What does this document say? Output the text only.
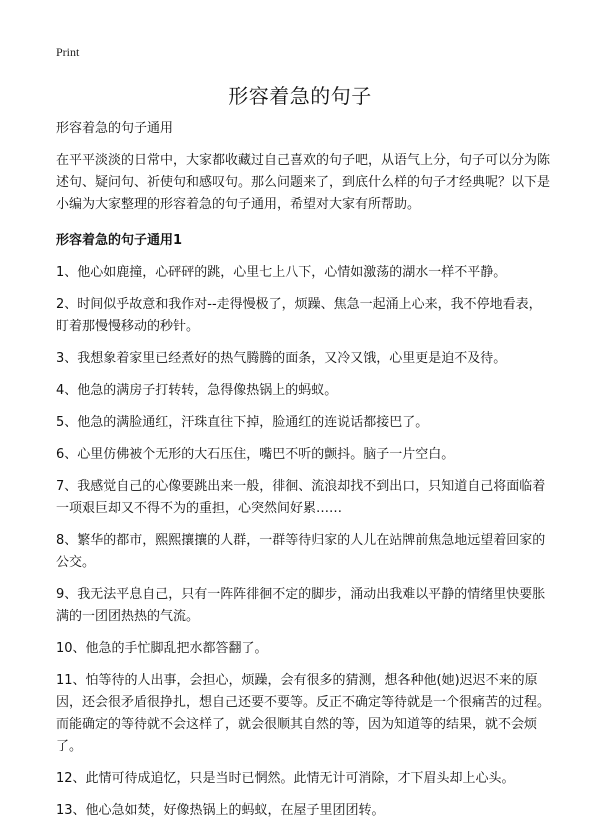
Print
形容着急的句子

形容着急的句子通用

在平平淡淡的日常中，大家都收藏过自己喜欢的句子吧，从语气上分，句子可以分为陈述句、疑问句、祈使句和感叹句。那么问题来了，到底什么样的句子才经典呢？以下是小编为大家整理的形容着急的句子通用，希望对大家有所帮助。

形容着急的句子通用1

1、他心如鹿撞，心砰砰的跳，心里七上八下，心情如激荡的湖水一样不平静。

2、时间似乎故意和我作对--走得慢极了，烦躁、焦急一起涌上心来，我不停地看表，盯着那慢慢移动的秒针。

3、我想象着家里已经煮好的热气腾腾的面条，又冷又饿，心里更是迫不及待。

4、他急的满房子打转转，急得像热锅上的蚂蚁。

5、他急的满脸通红，汗珠直往下掉，脸通红的连说话都接巴了。

6、心里仿佛被个无形的大石压住，嘴巴不听的颤抖。脑子一片空白。

7、我感觉自己的心像要跳出来一般，徘徊、流浪却找不到出口，只知道自己将面临着一项艰巨却又不得不为的重担，心突然间好累……

8、繁华的都市，熙熙攘攘的人群，一群等待归家的人儿在站牌前焦急地远望着回家的公交。

9、我无法平息自己，只有一阵阵徘徊不定的脚步，涌动出我难以平静的情绪里快要胀满的一团团热热的气流。

10、他急的手忙脚乱把水都答翻了。

11、怕等待的人出事，会担心，烦躁，会有很多的猜测，想各种他(她)迟迟不来的原因，还会很矛盾很挣扎，想自己还要不要等。反正不确定等待就是一个很痛苦的过程。而能确定的等待就不会这样了，就会很顺其自然的等，因为知道等的结果，就不会烦了。

12、此情可待成追忆，只是当时已惘然。此情无计可消除，才下眉头却上心头。

13、他心急如焚，好像热锅上的蚂蚁，在屋子里团团转。
